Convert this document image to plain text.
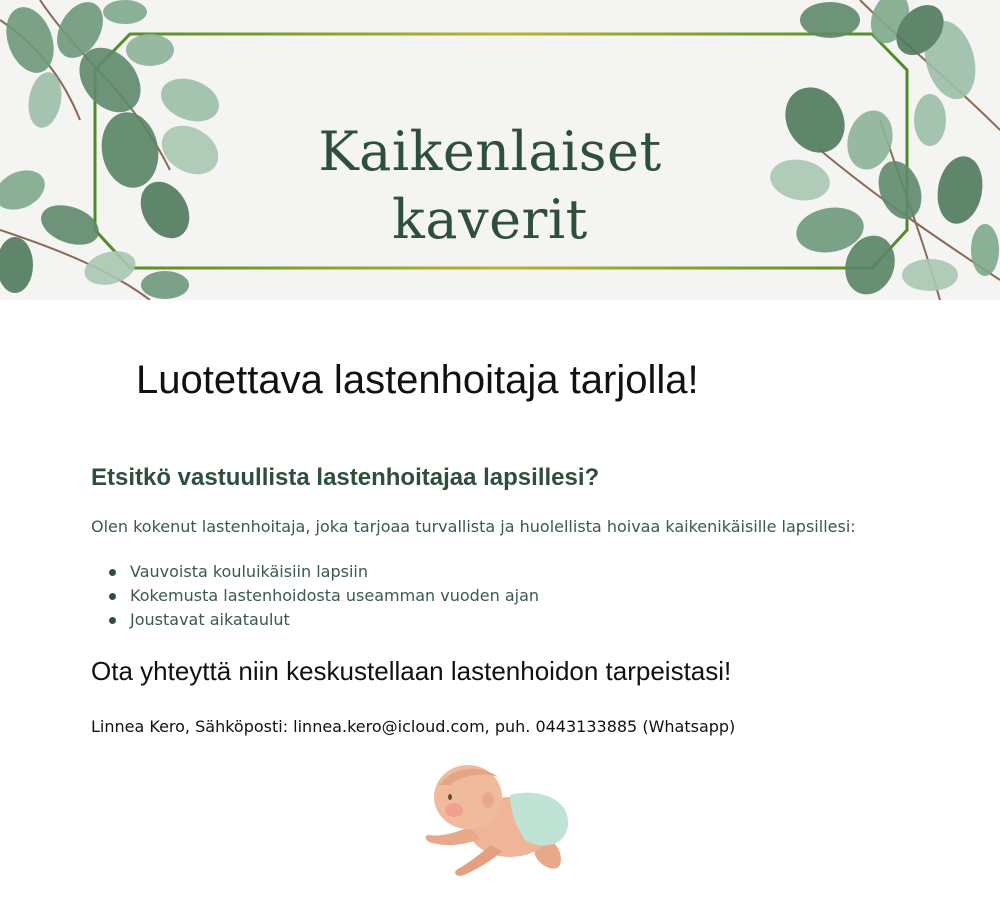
Kaikenlaiset
kaverit
Luotettava lastenhoitaja tarjolla!
Etsitkö vastuullista lastenhoitajaa lapsillesi?
Olen kokenut lastenhoitaja, joka tarjoaa turvallista ja huolellista hoivaa kaikenikäisille lapsillesi:
Vauvoista kouluikäisiin lapsiin
Kokemusta lastenhoidosta useamman vuoden ajan
Joustavat aikataulut
Ota yhteyttä niin keskustellaan lastenhoidon tarpeistasi!
Linnea Kero, Sähköposti: linnea.kero@icloud.com, puh. 0443133885 (Whatsapp)
